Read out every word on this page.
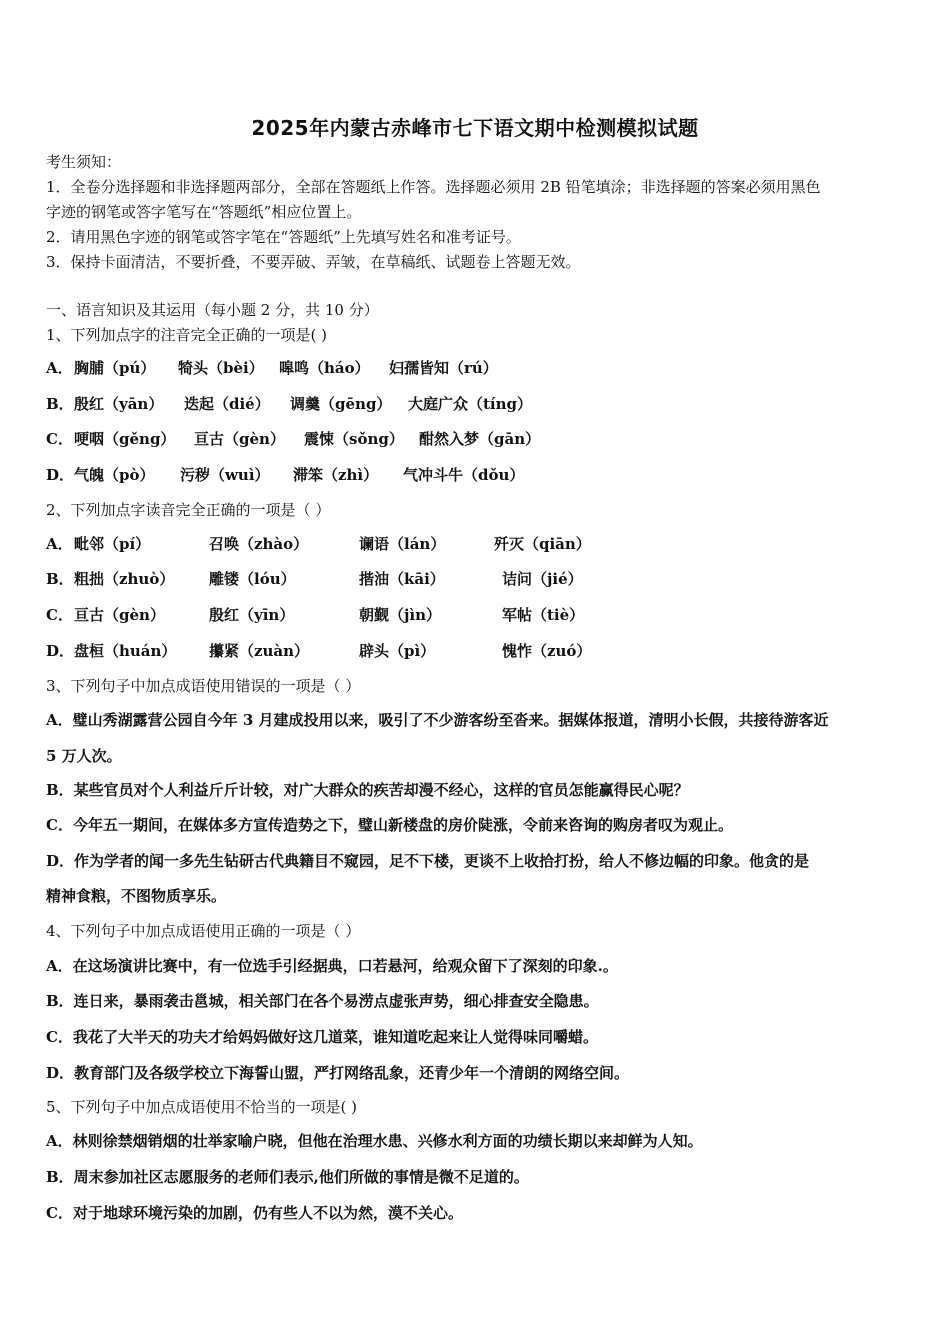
2025年内蒙古赤峰市七下语文期中检测模拟试题
考生须知：
1．全卷分选择题和非选择题两部分，全部在答题纸上作答。选择题必须用 2B 铅笔填涂；非选择题的答案必须用黑色
字迹的钢笔或答字笔写在“答题纸”相应位置上。
2．请用黑色字迹的钢笔或答字笔在“答题纸”上先填写姓名和准考证号。
3．保持卡面清洁，不要折叠，不要弄破、弄皱，在草稿纸、试题卷上答题无效。
一、语言知识及其运用（每小题 2 分，共 10 分）
1、下列加点字的注音完全正确的一项是( )
A．胸脯（pú） 犄头（bèi） 嗥鸣（háo） 妇孺皆知（rú）
B．殷红（yān） 迭起（dié） 调羹（gēng） 大庭广众（tíng）
C．哽咽（gěng） 亘古（gèn） 震悚（sǒng） 酣然入梦（gān）
D．气魄（pò） 污秽（wuì） 滞笨（zhì） 气冲斗牛（dǒu）
2、下列加点字读音完全正确的一项是（ ）
A．毗邻（pí）	召唤（zhào）	谰语（lán）	歼灭（qiān）
B．粗拙（zhuò） 雕镂（lóu）	揩油（kāi）	诘问（jié）
C．亘古（gèn）	殷红（yīn）	朝觐（jìn）	军帖（tiè）
D．盘桓（huán） 攥紧（zuàn）	辟头（pì）	愧怍（zuó）
3、下列句子中加点成语使用错误的一项是（ ）
A．璧山秀湖露营公园自今年 3 月建成投用以来，吸引了不少游客纷至沓来。据媒体报道，清明小长假，共接待游客近
5 万人次。
B．某些官员对个人利益斤斤计较，对广大群众的疾苦却漫不经心，这样的官员怎能赢得民心呢？
C．今年五一期间，在媒体多方宣传造势之下，璧山新楼盘的房价陡涨，令前来咨询的购房者叹为观止。
D．作为学者的闻一多先生钻研古代典籍目不窥园，足不下楼，更谈不上收拾打扮，给人不修边幅的印象。他贪的是
精神食粮，不图物质享乐。
4、下列句子中加点成语使用正确的一项是（ ）
A．在这场演讲比赛中，有一位选手引经据典，口若悬河，给观众留下了深刻的印象.。
B．连日来，暴雨袭击邕城，相关部门在各个易涝点虚张声势，细心排查安全隐患。
C．我花了大半天的功夫才给妈妈做好这几道菜，谁知道吃起来让人觉得味同嚼蜡。
D．教育部门及各级学校立下海誓山盟，严打网络乱象，还青少年一个清朗的网络空间。
5、下列句子中加点成语使用不恰当的一项是( )
A．林则徐禁烟销烟的壮举家喻户晓，但他在治理水患、兴修水利方面的功绩长期以来却鲜为人知。
B．周末参加社区志愿服务的老师们表示,他们所做的事情是微不足道的。
C．对于地球环境污染的加剧，仍有些人不以为然，漠不关心。
